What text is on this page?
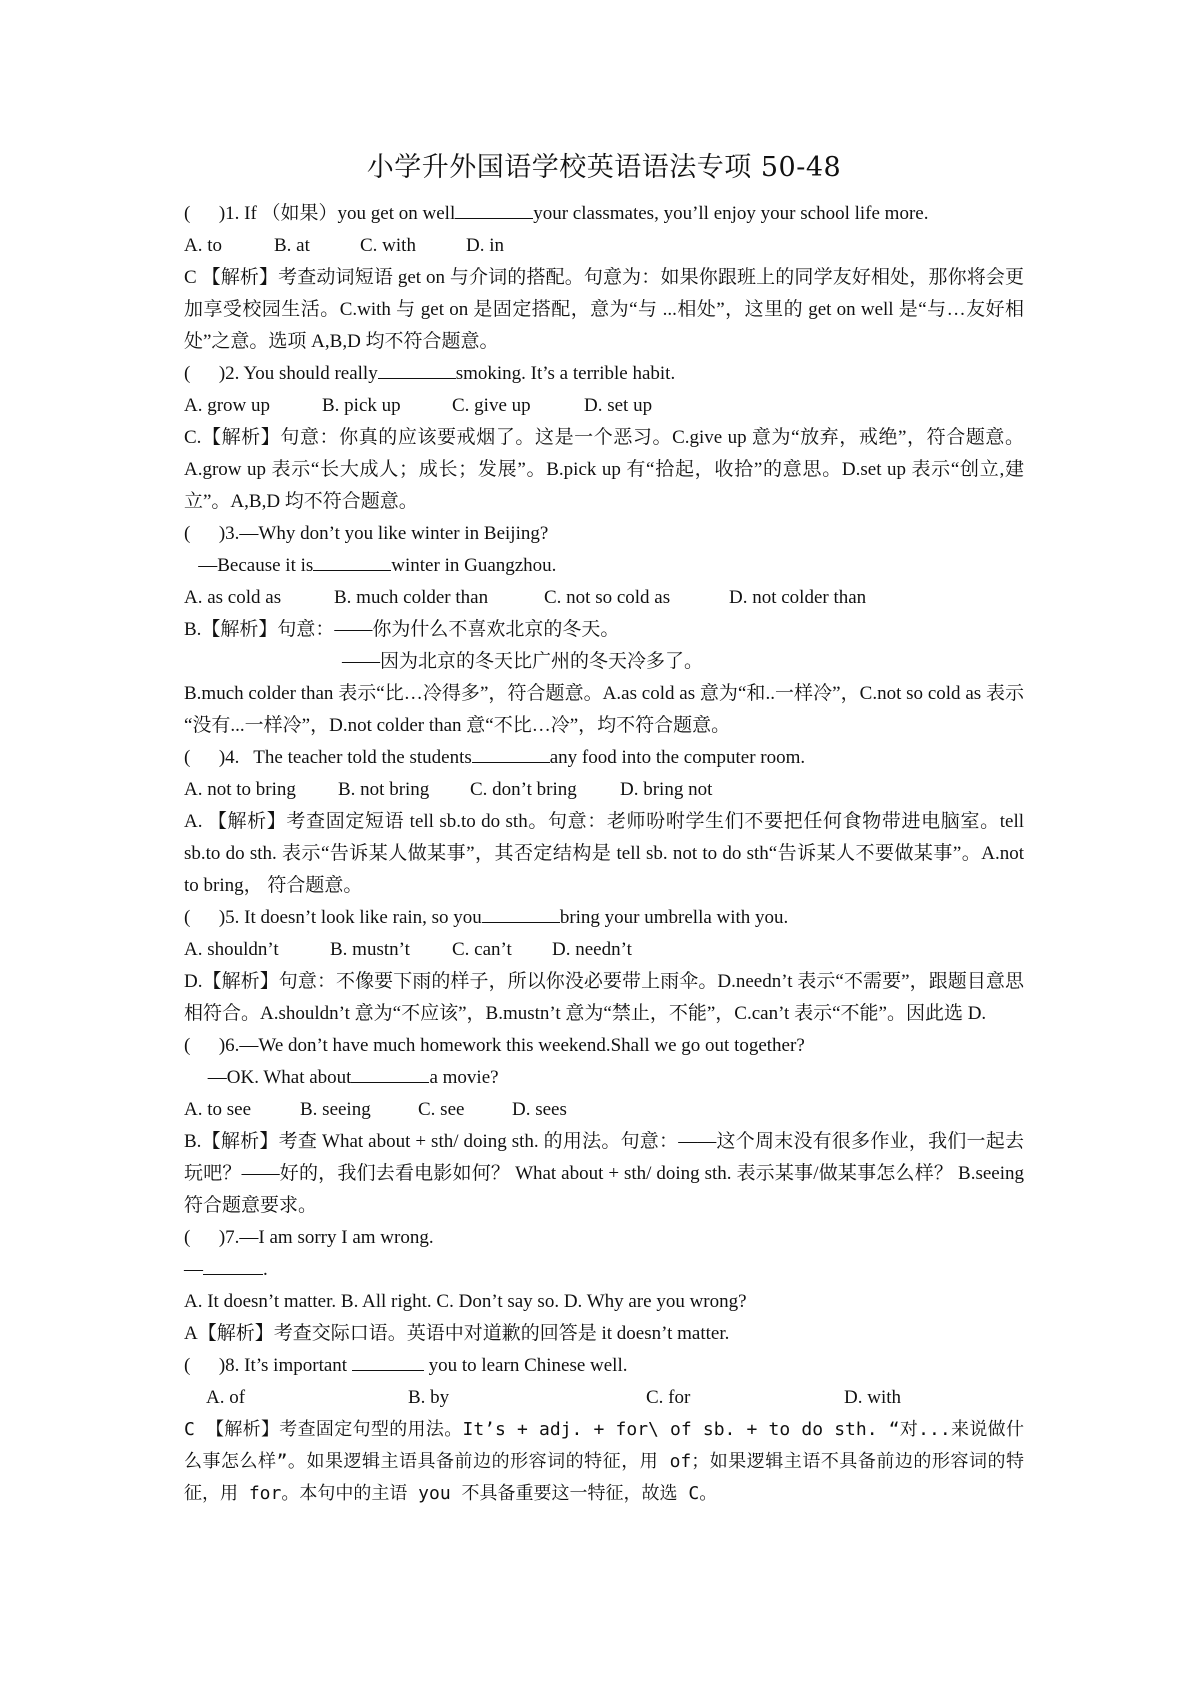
小学升外国语学校英语语法专项 50-48

(      )1. If （如果）you get on well	your classmates, you’ll enjoy your school life more.

A. to	B. at	C. with	D. in

C 【解析】考查动词短语 get on 与介词的搭配。句意为：如果你跟班上的同学友好相处，那你将会更加享受校园生活。C.with 与 get on 是固定搭配，意为“与 ...相处”，这里的 get on well 是“与…友好相处”之意。选项 A,B,D 均不符合题意。

(      )2. You should really	smoking. It’s a terrible habit.

A. grow up	B. pick up	C. give up	D. set up

C.【解析】句意：你真的应该要戒烟了。这是一个恶习。C.give up 意为“放弃，戒绝”，符合题意。A.grow up 表示“长大成人；成长；发展”。B.pick up 有“拾起，收拾”的意思。D.set up 表示“创立,建立”。A,B,D 均不符合题意。

(      )3.—Why don’t you like winter in Beijing?

—Because it is	winter in Guangzhou.

A. as cold as	B. much colder than	C. not so cold as	D. not colder than

B.【解析】句意：——你为什么不喜欢北京的冬天。

——因为北京的冬天比广州的冬天冷多了。

B.much colder than 表示“比…冷得多”，符合题意。A.as cold as 意为“和..一样冷”，C.not so cold as 表示 “没有...一样冷”，D.not colder than 意“不比…冷”，均不符合题意。

(      )4.   The teacher told the students	any food into the computer room.

A. not to bring	B. not bring	C. don’t bring	D. bring not

A. 【解析】考查固定短语 tell sb.to do sth。句意：老师吩咐学生们不要把任何食物带进电脑室。tell sb.to do sth. 表示“告诉某人做某事”，其否定结构是 tell sb. not to do sth“告诉某人不要做某事”。A.not to bring， 符合题意。

(      )5. It doesn’t look like rain, so you	bring your umbrella with you.

A. shouldn’t	B. mustn’t	C. can’t	D. needn’t

D.【解析】句意：不像要下雨的样子，所以你没必要带上雨伞。D.needn’t 表示“不需要”，跟题目意思相符合。A.shouldn’t 意为“不应该”，B.mustn’t 意为“禁止，不能”，C.can’t 表示“不能”。因此选 D.

(      )6.—We don’t have much homework this weekend.Shall we go out together?

—OK. What about	a movie?

A. to see	B. seeing	C. see	D. sees

B.【解析】考查 What about + sth/ doing sth. 的用法。句意：——这个周末没有很多作业，我们一起去玩吧？——好的，我们去看电影如何？ What about + sth/ doing sth. 表示某事/做某事怎么样？ B.seeing 符合题意要求。

(      )7.—I am sorry I am wrong.

—	.

A. It doesn’t matter. B. All right. C. Don’t say so. D. Why are you wrong?

A【解析】考查交际口语。英语中对道歉的回答是 it doesn’t matter.

(      )8. It’s important	you to learn Chinese well.

A. of	B. by	C. for	D. with

C 【解析】考查固定句型的用法。It’s + adj. + for\ of sb. + to do sth. “对...来说做什么事怎么样”。如果逻辑主语具备前边的形容词的特征，用 of；如果逻辑主语不具备前边的形容词的特征，用 for。本句中的主语 you 不具备重要这一特征，故选 C。
